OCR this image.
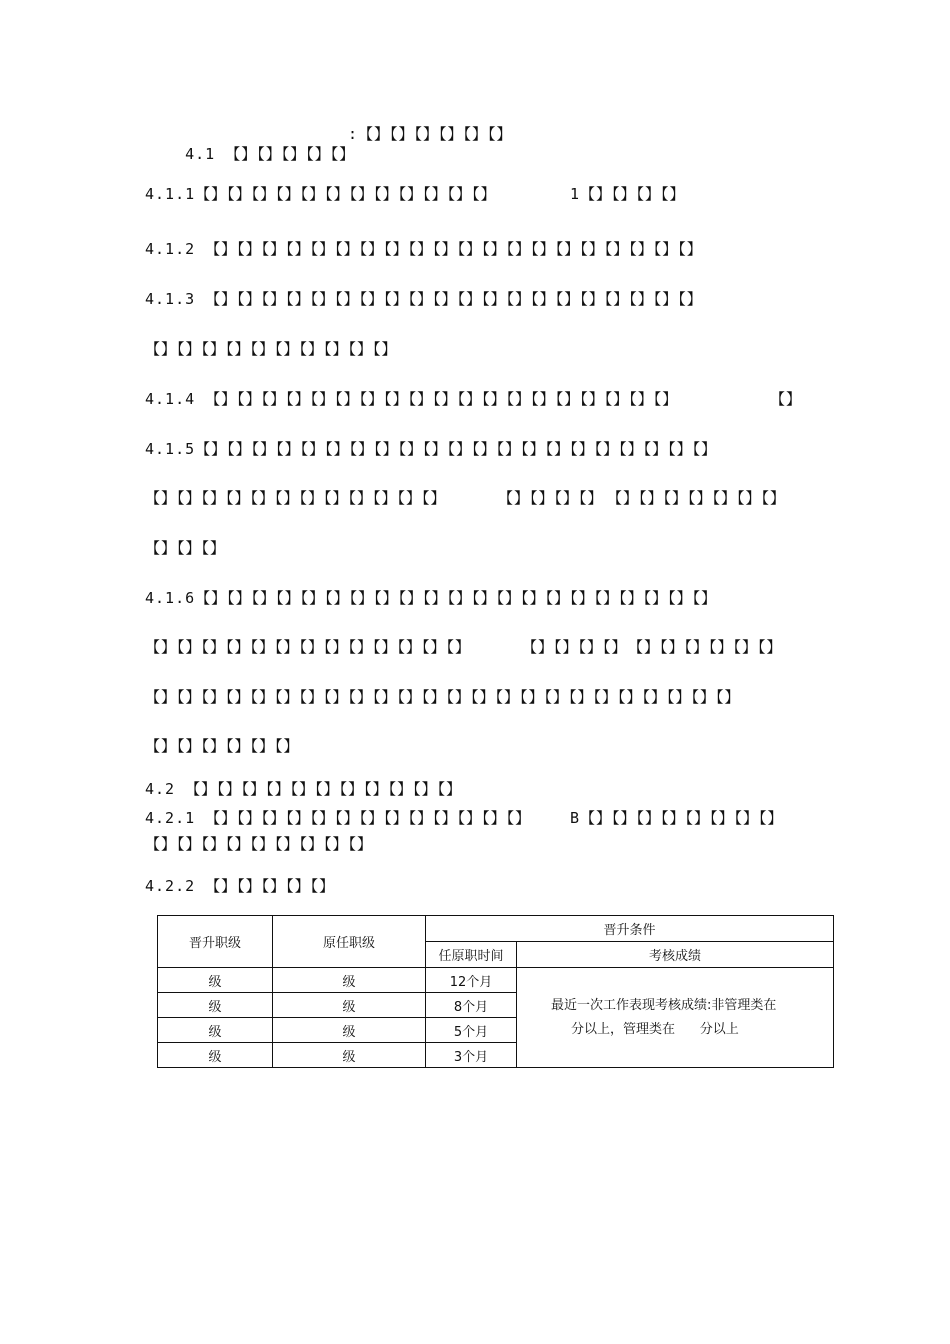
4.1 【】【】【】【】【】

:【】【】【】【】【】【】
4.1.1【】【】【】【】【】【】【】【】【】【】【】【】	1【】【】【】【】
4.1.2 【】【】【】【】【】【】【】【】【】【】【】【】【】【】【】【】【】【】【】【】
4.1.3 【】【】【】【】【】【】【】【】【】【】【】【】【】【】【】【】【】【】【】【】
【】【】【】【】【】【】【】【】【】【】
4.1.4 【】【】【】【】【】【】【】【】【】【】【】【】【】【】【】【】【】【】【】	【】
4.1.5【】【】【】【】【】【】【】【】【】【】【】【】【】【】【】【】【】【】【】【】【】
【】【】【】【】【】【】【】【】【】【】【】【】	【】【】【】【】 【】【】【】【】【】【】【】
【】【】【】
4.1.6【】【】【】【】【】【】【】【】【】【】【】【】【】【】【】【】【】【】【】【】【】
【】【】【】【】【】【】【】【】【】【】【】【】【】	【】【】【】【】 【】【】【】【】【】【】
【】【】【】【】【】【】【】【】【】【】【】【】【】【】【】【】【】【】【】【】【】【】【】【】
【】【】【】【】【】【】
4.2 【】【】【】【】【】【】【】【】【】【】【】
4.2.1 【】【】【】【】【】【】【】【】【】【】【】【】【】	B【】【】【】【】【】【】【】【】
【】【】【】【】【】【】【】【】【】
4.2.2 【】【】【】【】【】
晋升职级	原任职级	晋升条件	
		任原职时间	考核成绩
级	级	12个月	最近一次工作表现考核成绩:非管理类在
分以上，管理类在      分以上

级	级	8个月	
级	级	5个月	
级	级	3个月	
